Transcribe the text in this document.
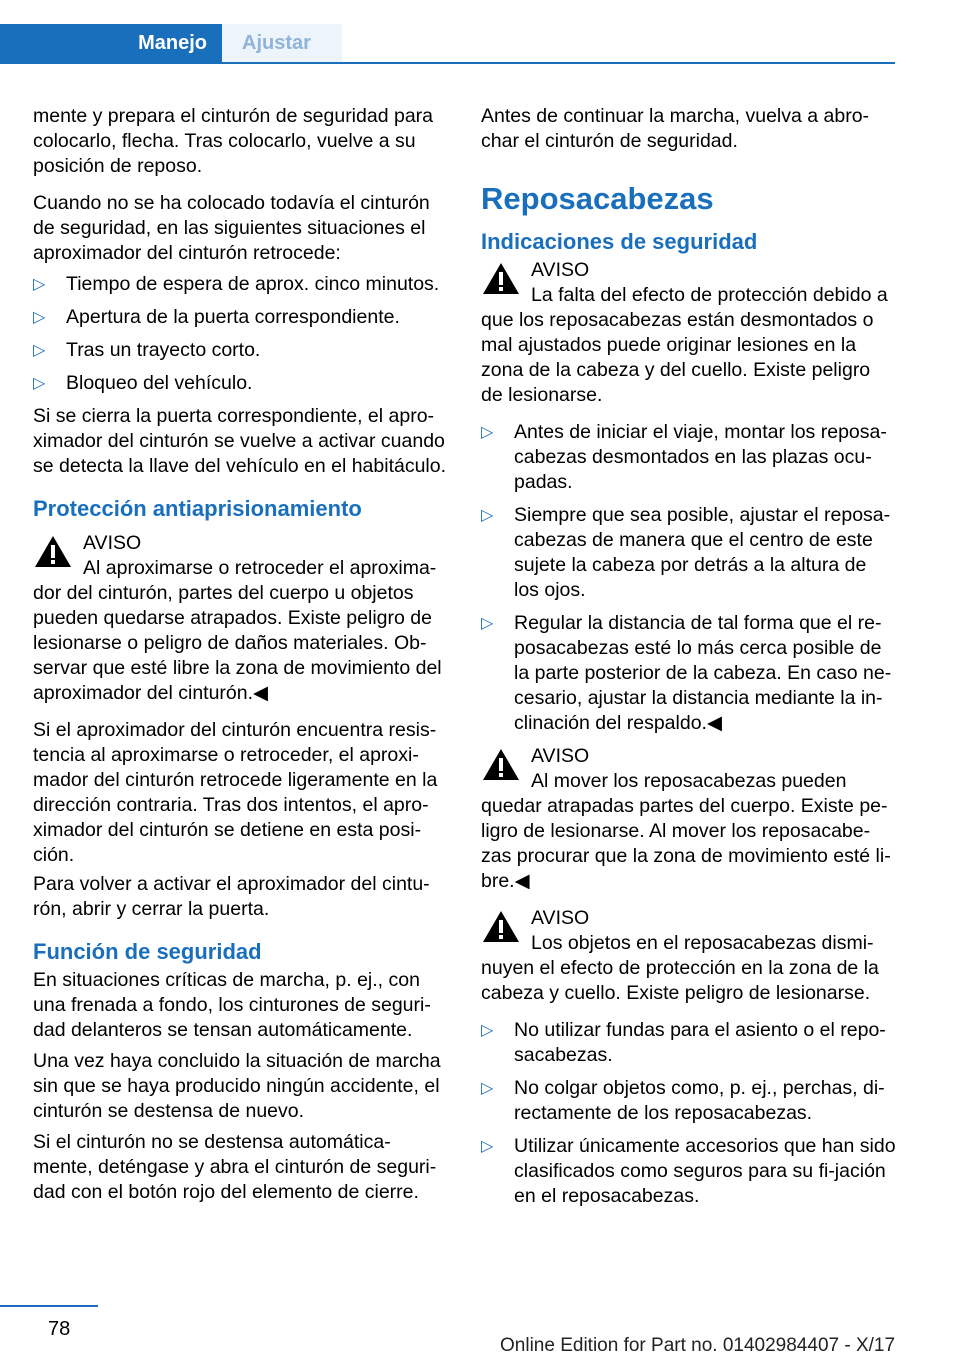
Manejo Ajustar

mente y prepara el cinturón de seguridad para colocarlo, flecha. Tras colocarlo, vuelve a su posición de reposo.

Cuando no se ha colocado todavía el cinturón de seguridad, en las siguientes situaciones el aproximador del cinturón retrocede:

▷ Tiempo de espera de aprox. cinco minutos.
▷ Apertura de la puerta correspondiente.
▷ Tras un trayecto corto.
▷ Bloqueo del vehículo.

Si se cierra la puerta correspondiente, el apro-ximador del cinturón se vuelve a activar cuando se detecta la llave del vehículo en el habitáculo.

Protección antiaprisionamiento
AVISO
Al aproximarse o retroceder el aproxima-dor del cinturón, partes del cuerpo u objetos pueden quedarse atrapados. Existe peligro de lesionarse o peligro de daños materiales. Ob-servar que esté libre la zona de movimiento del aproximador del cinturón.◀

Si el aproximador del cinturón encuentra resis-tencia al aproximarse o retroceder, el aproxi-mador del cinturón retrocede ligeramente en la dirección contraria. Tras dos intentos, el apro-ximador del cinturón se detiene en esta posi-ción.

Para volver a activar el aproximador del cintu-rón, abrir y cerrar la puerta.

Función de seguridad

En situaciones críticas de marcha, p. ej., con una frenada a fondo, los cinturones de seguri-dad delanteros se tensan automáticamente.

Una vez haya concluido la situación de marcha sin que se haya producido ningún accidente, el cinturón se destensa de nuevo.

Si el cinturón no se destensa automática-mente, deténgase y abra el cinturón de seguri-dad con el botón rojo del elemento de cierre.

Antes de continuar la marcha, vuelva a abro-char el cinturón de seguridad.

Reposacabezas
Indicaciones de seguridad
AVISO
La falta del efecto de protección debido a que los reposacabezas están desmontados o mal ajustados puede originar lesiones en la zona de la cabeza y del cuello. Existe peligro de lesionarse.
▷ Antes de iniciar el viaje, montar los reposa-cabezas desmontados en las plazas ocu-padas.
▷ Siempre que sea posible, ajustar el reposa-cabezas de manera que el centro de este sujete la cabeza por detrás a la altura de los ojos.
▷ Regular la distancia de tal forma que el re-posacabezas esté lo más cerca posible de la parte posterior de la cabeza. En caso ne-cesario, ajustar la distancia mediante la in-clinación del respaldo.◀
AVISO
Al mover los reposacabezas pueden quedar atrapadas partes del cuerpo. Existe pe-ligro de lesionarse. Al mover los reposacabe-zas procurar que la zona de movimiento esté li-bre.◀
AVISO
Los objetos en el reposacabezas dismi-nuyen el efecto de protección en la zona de la cabeza y cuello. Existe peligro de lesionarse.
▷ No utilizar fundas para el asiento o el repo-sacabezas.
▷ No colgar objetos como, p. ej., perchas, di-rectamente de los reposacabezas.
▷ Utilizar únicamente accesorios que han sido clasificados como seguros para su fi-jación en el reposacabezas.
78
Online Edition for Part no. 01402984407 - X/17
